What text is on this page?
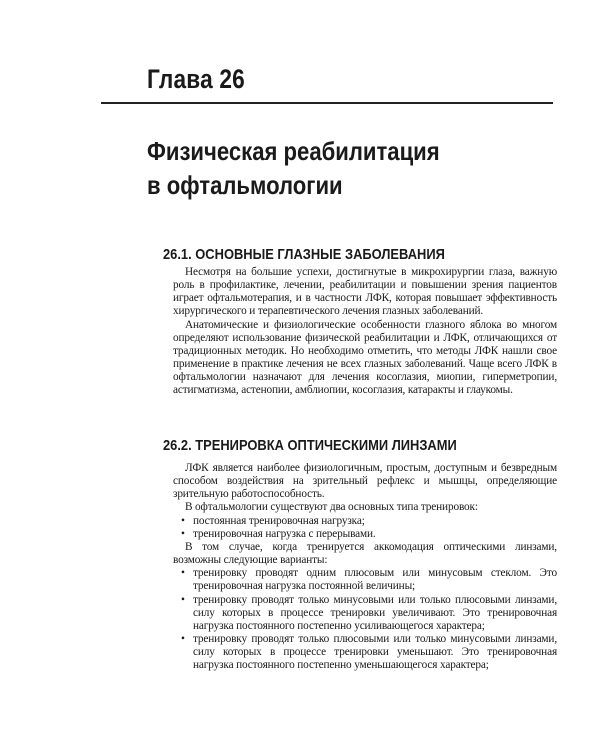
Глава 26
Физическая реабилитация
в офтальмологии
26.1. ОСНОВНЫЕ ГЛАЗНЫЕ ЗАБОЛЕВАНИЯ

Несмотря на большие успехи, достигнутые в микрохирургии глаза, важную роль в профилактике, лечении, реабилитации и повышении зрения пациентов играет офтальмотерапия, и в частности ЛФК, которая повышает эффективность хирургического и терапевтического лечения глазных заболеваний.

Анатомические и физиологические особенности глазного яблока во многом определяют использование физической реабилитации и ЛФК, отличающихся от традиционных методик. Но необходимо отметить, что методы ЛФК нашли свое применение в практике лечения не всех глазных заболеваний. Чаще всего ЛФК в офтальмологии назначают для лечения косоглазия, миопии, гиперметропии, астигматизма, астенопии, амблиопии, косоглазия, катаракты и глаукомы.

26.2. ТРЕНИРОВКА ОПТИЧЕСКИМИ ЛИНЗАМИ

ЛФК является наиболее физиологичным, простым, доступным и безвредным способом воздействия на зрительный рефлекс и мышцы, определяющие зрительную работоспособность.

В офтальмологии существуют два основных типа тренировок:

• постоянная тренировочная нагрузка;
• тренировочная нагрузка с перерывами.

В том случае, когда тренируется аккомодация оптическими линзами, возможны следующие варианты:

• тренировку проводят одним плюсовым или минусовым стеклом. Это тренировочная нагрузка постоянной величины;
• тренировку проводят только минусовыми или только плюсовыми линзами, силу которых в процессе тренировки увеличивают. Это тренировочная нагрузка постоянного постепенно усиливающегося характера;
• тренировку проводят только плюсовыми или только минусовыми линзами, силу которых в процессе тренировки уменьшают. Это тренировочная нагрузка постоянного постепенно уменьшающегося характера;
